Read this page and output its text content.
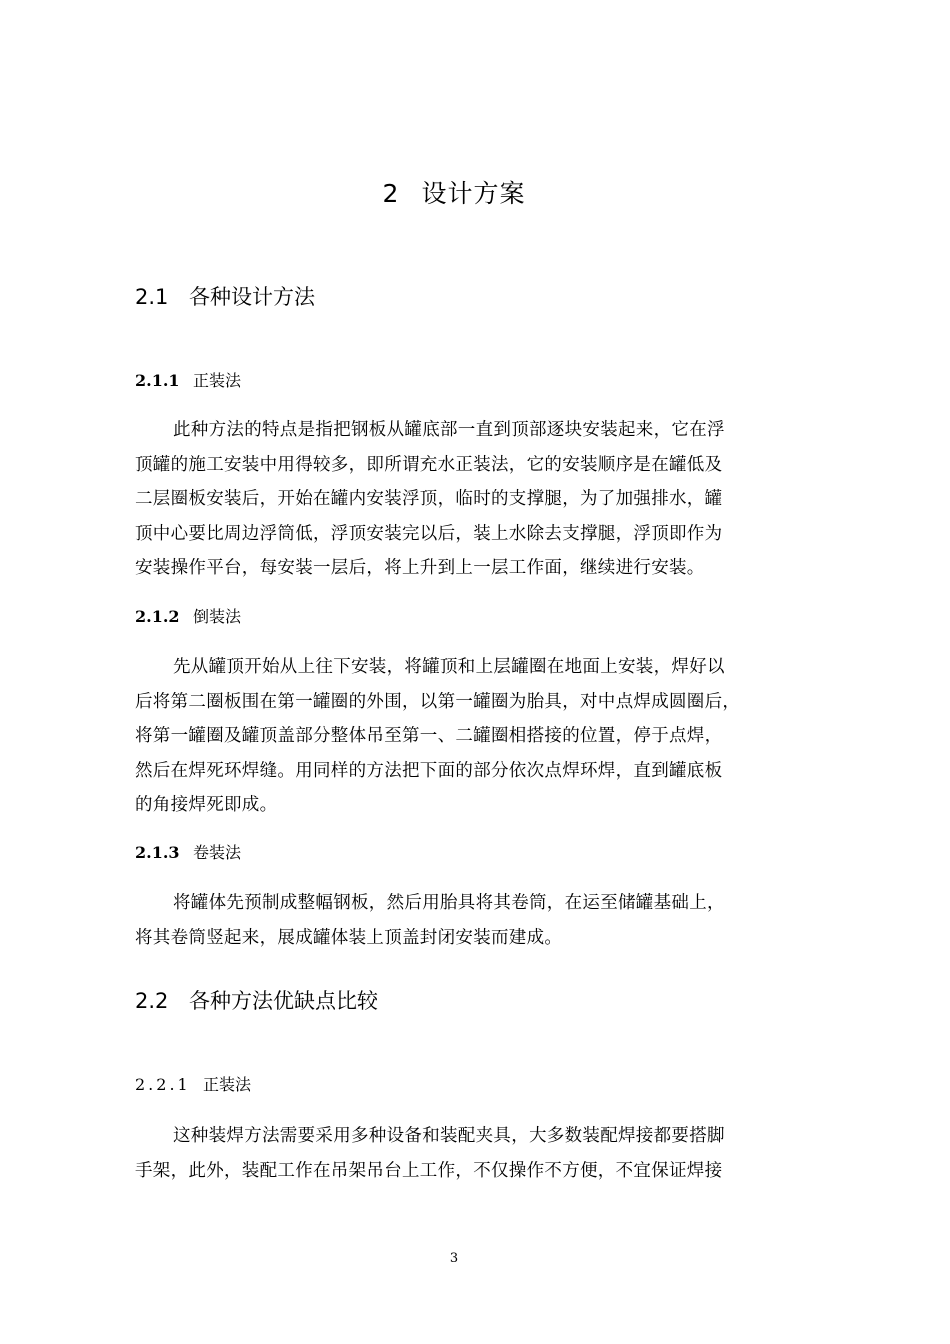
2 设计方案
2.1 各种设计方法
2.1.1 正装法
此种方法的特点是指把钢板从罐底部一直到顶部逐块安装起来，它在浮
顶罐的施工安装中用得较多，即所谓充水正装法，它的安装顺序是在罐低及
二层圈板安装后，开始在罐内安装浮顶，临时的支撑腿，为了加强排水，罐
顶中心要比周边浮筒低，浮顶安装完以后，装上水除去支撑腿，浮顶即作为
安装操作平台，每安装一层后，将上升到上一层工作面，继续进行安装。
2.1.2 倒装法
先从罐顶开始从上往下安装，将罐顶和上层罐圈在地面上安装，焊好以
后将第二圈板围在第一罐圈的外围，以第一罐圈为胎具，对中点焊成圆圈后，
将第一罐圈及罐顶盖部分整体吊至第一、二罐圈相搭接的位置，停于点焊，
然后在焊死环焊缝。用同样的方法把下面的部分依次点焊环焊，直到罐底板
的角接焊死即成。
2.1.3 卷装法
将罐体先预制成整幅钢板，然后用胎具将其卷筒，在运至储罐基础上，
将其卷筒竖起来，展成罐体装上顶盖封闭安装而建成。
2.2 各种方法优缺点比较
2.2.1 正装法
这种装焊方法需要采用多种设备和装配夹具，大多数装配焊接都要搭脚
手架，此外，装配工作在吊架吊台上工作，不仅操作不方便，不宜保证焊接
3
